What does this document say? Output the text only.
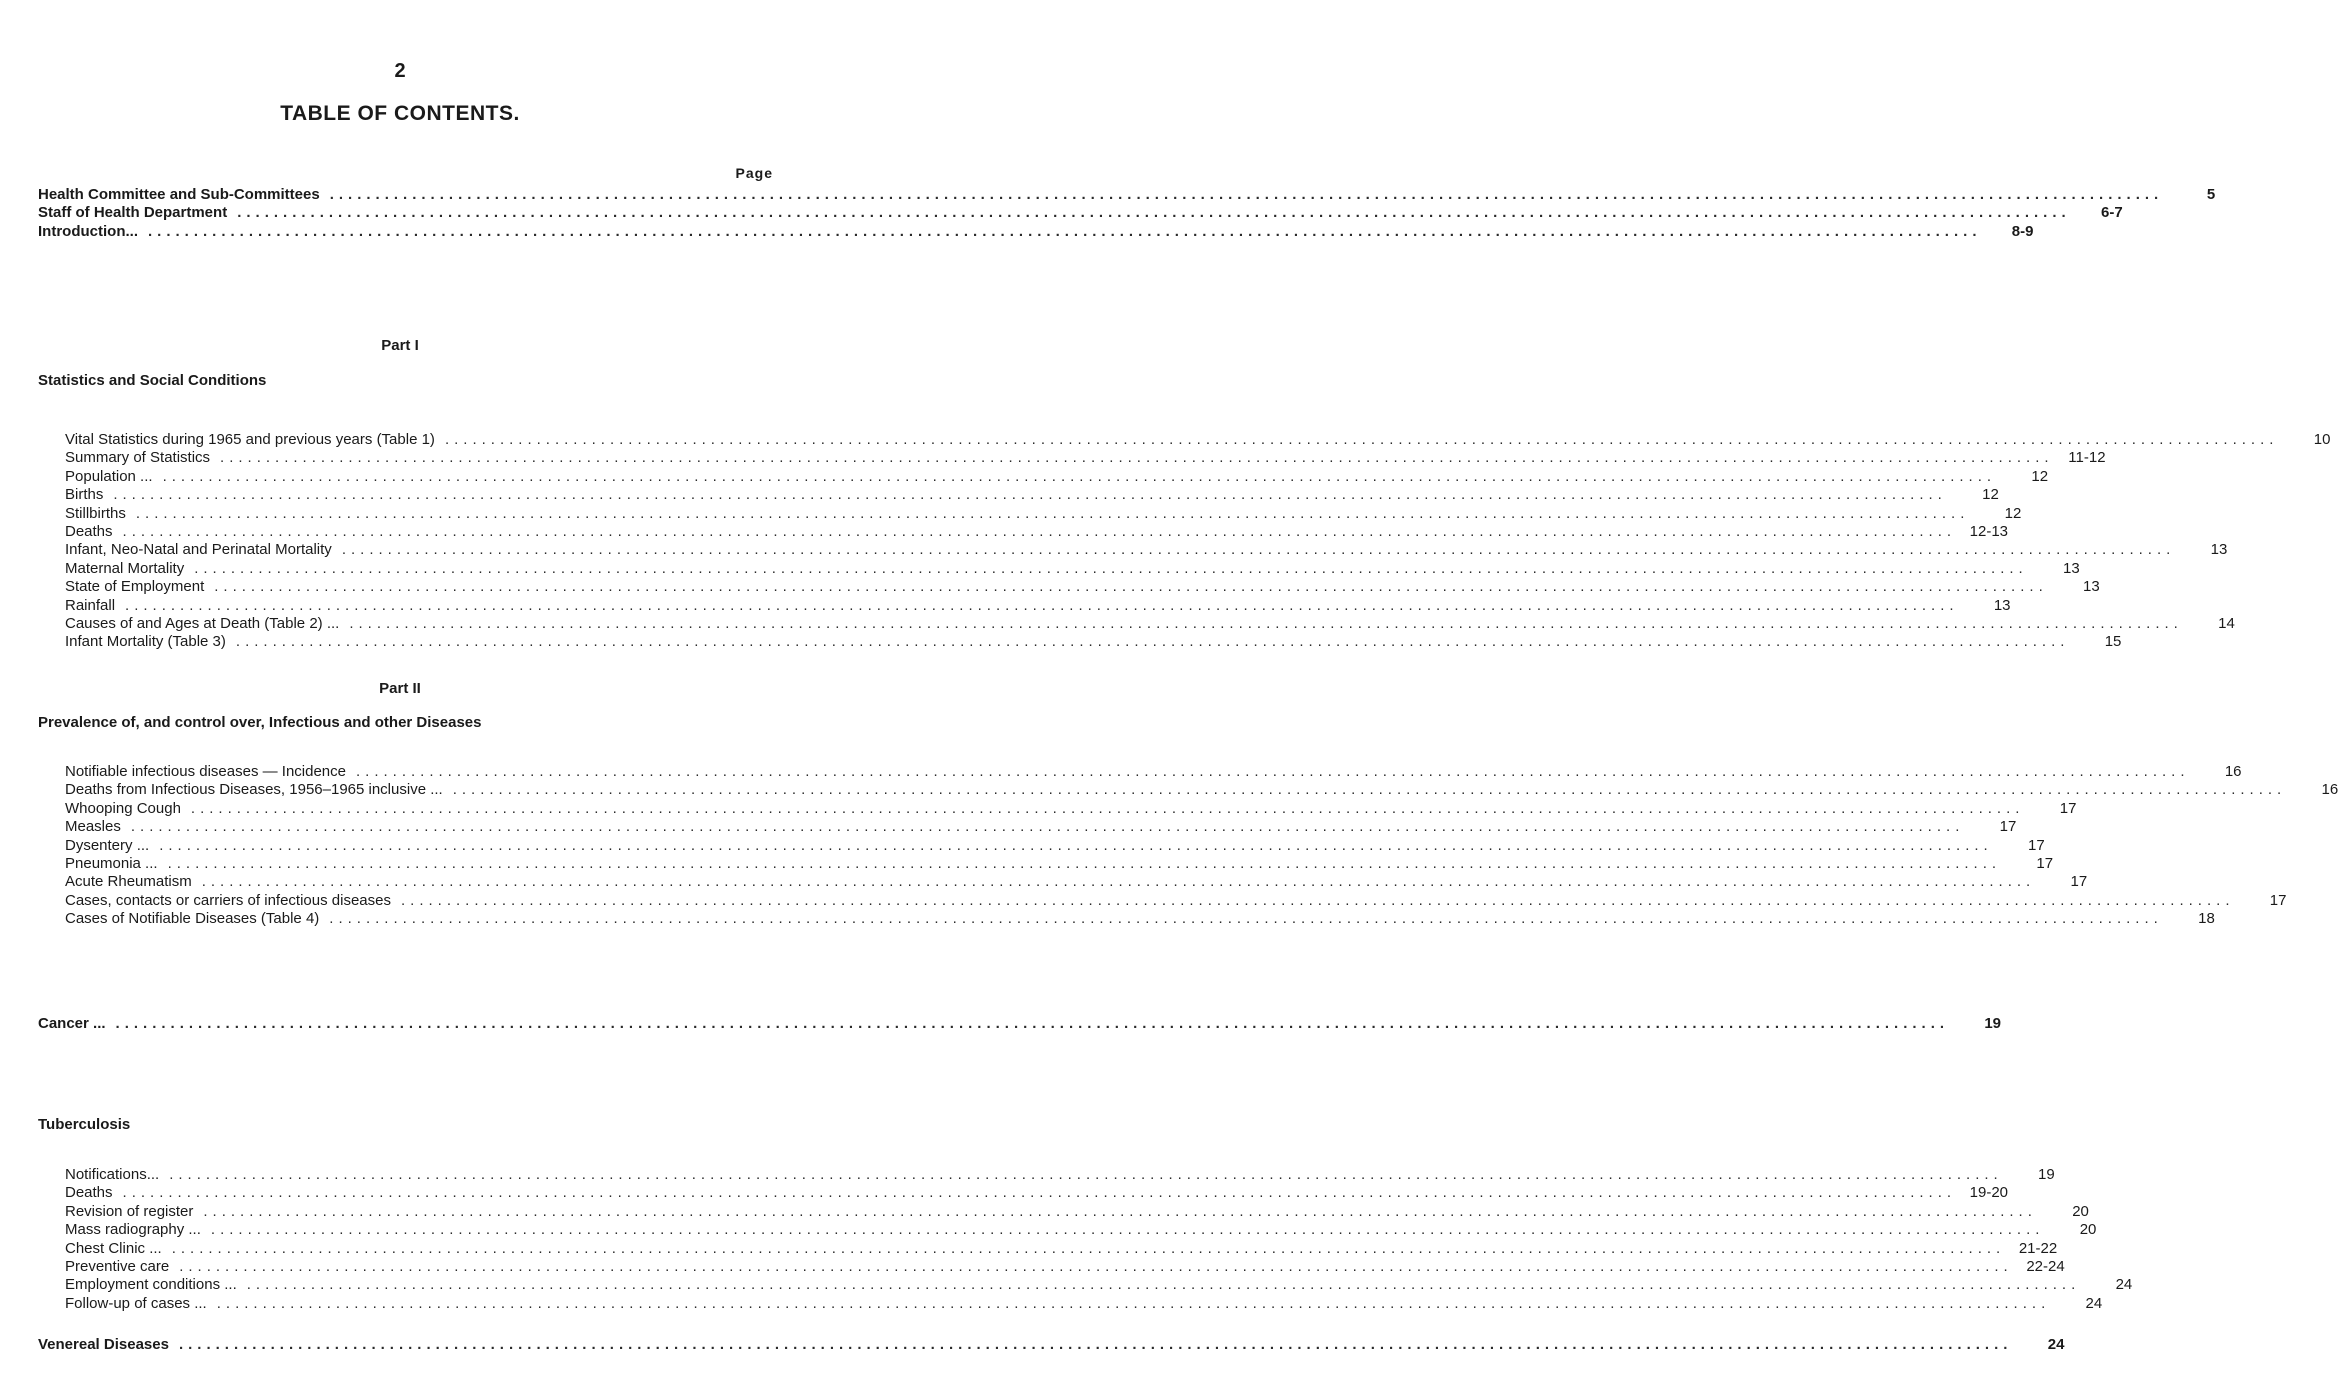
2
TABLE OF CONTENTS.
Page
Health Committee and Sub-Committees ........................................................................................................................................................................................................	5
Staff of Health Department ........................................................................................................................................................................................................	6-7
Introduction... ........................................................................................................................................................................................................	8-9
Part I
Statistics and Social Conditions
Vital Statistics during 1965 and previous years (Table 1) ........................................................................................................................................................................................................	10
Summary of Statistics ........................................................................................................................................................................................................ 11-12
Population ... ........................................................................................................................................................................................................	12
Births ........................................................................................................................................................................................................	12
Stillbirths ........................................................................................................................................................................................................	12
Deaths ........................................................................................................................................................................................................ 12-13
Infant, Neo-Natal and Perinatal Mortality ........................................................................................................................................................................................................	13
Maternal Mortality ........................................................................................................................................................................................................	13
State of Employment ........................................................................................................................................................................................................	13
Rainfall ........................................................................................................................................................................................................	13
Causes of and Ages at Death (Table 2) ... ........................................................................................................................................................................................................	14
Infant Mortality (Table 3) ........................................................................................................................................................................................................	15
Part II
Prevalence of, and control over, Infectious and other Diseases
Notifiable infectious diseases — Incidence ........................................................................................................................................................................................................	16
Deaths from Infectious Diseases, 1956–1965 inclusive ... ........................................................................................................................................................................................................	16
Whooping Cough ........................................................................................................................................................................................................	17
Measles ........................................................................................................................................................................................................	17
Dysentery ... ........................................................................................................................................................................................................	17
Pneumonia ... ........................................................................................................................................................................................................	17
Acute Rheumatism ........................................................................................................................................................................................................	17
Cases, contacts or carriers of infectious diseases ........................................................................................................................................................................................................	17
Cases of Notifiable Diseases (Table 4) ........................................................................................................................................................................................................	18
Cancer ... ........................................................................................................................................................................................................	19
Tuberculosis
Notifications... ........................................................................................................................................................................................................	19
Deaths ........................................................................................................................................................................................................ 19-20
Revision of register ........................................................................................................................................................................................................	20
Mass radiography ... ........................................................................................................................................................................................................	20
Chest Clinic ... ........................................................................................................................................................................................................ 21-22
Preventive care ........................................................................................................................................................................................................ 22-24
Employment conditions ... ........................................................................................................................................................................................................	24
Follow-up of cases ... ........................................................................................................................................................................................................	24
Venereal Diseases ........................................................................................................................................................................................................	24
